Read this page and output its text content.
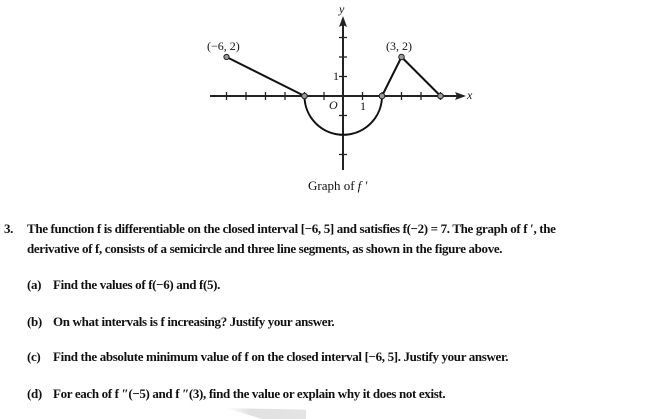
y
x
O 1
1
(−6, 2)	(3, 2)
Graph of f ′
3. The function f is differentiable on the closed interval [−6, 5] and satisfies f(−2) = 7. The graph of f ′, the
derivative of f, consists of a semicircle and three line segments, as shown in the figure above.
(a) Find the values of f(−6) and f(5).
(b) On what intervals is f increasing? Justify your answer.
(c) Find the absolute minimum value of f on the closed interval [−6, 5]. Justify your answer.
(d) For each of f ″(−5) and f ″(3), find the value or explain why it does not exist.
